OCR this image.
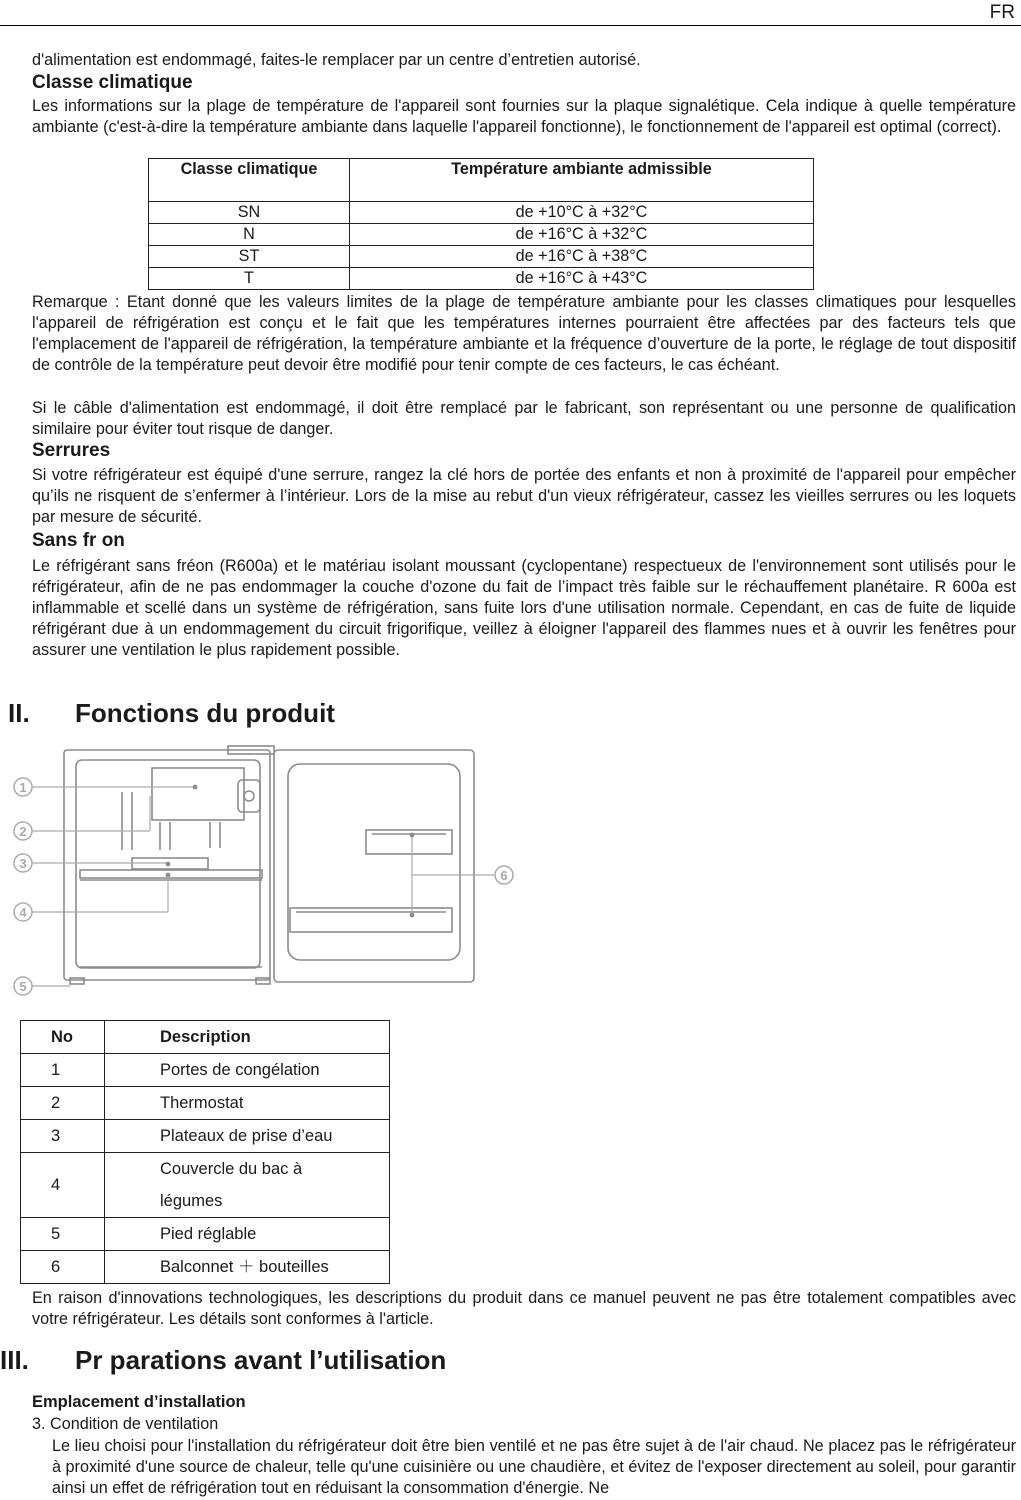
FR
d'alimentation est endommagé, faites-le remplacer par un centre d’entretien autorisé.
Classe climatique
Les informations sur la plage de température de l'appareil sont fournies sur la plaque signalétique. Cela indique à quelle température ambiante (c'est-à-dire la température ambiante dans laquelle l'appareil fonctionne), le fonctionnement de l'appareil est optimal (correct).
Classe climatique	Température ambiante admissible
SN	de +10°C à +32°C
N	de +16°C à +32°C
ST	de +16°C à +38°C
T	de +16°C à +43°C
Remarque : Etant donné que les valeurs limites de la plage de température ambiante pour les classes climatiques pour lesquelles l'appareil de réfrigération est conçu et le fait que les températures internes pourraient être affectées par des facteurs tels que l'emplacement de l'appareil de réfrigération, la température ambiante et la fréquence d’ouverture de la porte, le réglage de tout dispositif de contrôle de la température peut devoir être modifié pour tenir compte de ces facteurs, le cas échéant.
Si le câble d'alimentation est endommagé, il doit être remplacé par le fabricant, son représentant ou une personne de qualification similaire pour éviter tout risque de danger.
Serrures
Si votre réfrigérateur est équipé d'une serrure, rangez la clé hors de portée des enfants et non à proximité de l'appareil pour empêcher qu’ils ne risquent de s’enfermer à l’intérieur. Lors de la mise au rebut d'un vieux réfrigérateur, cassez les vieilles serrures ou les loquets par mesure de sécurité.
Sans fr on
Le réfrigérant sans fréon (R600a) et le matériau isolant moussant (cyclopentane) respectueux de l'environnement sont utilisés pour le réfrigérateur, afin de ne pas endommager la couche d'ozone du fait de l’impact très faible sur le réchauffement planétaire. R 600a est inflammable et scellé dans un système de réfrigération, sans fuite lors d'une utilisation normale. Cependant, en cas de fuite de liquide réfrigérant due à un endommagement du circuit frigorifique, veillez à éloigner l'appareil des flammes nues et à ouvrir les fenêtres pour assurer une ventilation le plus rapidement possible.
II. Fonctions du produit
1
2
3
4
5
6
No	Description
1	Portes de congélation
2	Thermostat
3	Plateaux de prise d’eau
4	Couvercle du bac à
légumes

5	Pied réglable
6	Balconnet ＋ bouteilles
En raison d'innovations technologiques, les descriptions du produit dans ce manuel peuvent ne pas être totalement compatibles avec votre réfrigérateur. Les détails sont conformes à l'article.
III. Pr parations avant l’utilisation
Emplacement d’installation
3. Condition de ventilation
Le lieu choisi pour l'installation du réfrigérateur doit être bien ventilé et ne pas être sujet à de l'air chaud. Ne placez pas le réfrigérateur à proximité d'une source de chaleur, telle qu'une cuisinière ou une chaudière, et évitez de l'exposer directement au soleil, pour garantir ainsi un effet de réfrigération tout en réduisant la consommation d'énergie. Ne
